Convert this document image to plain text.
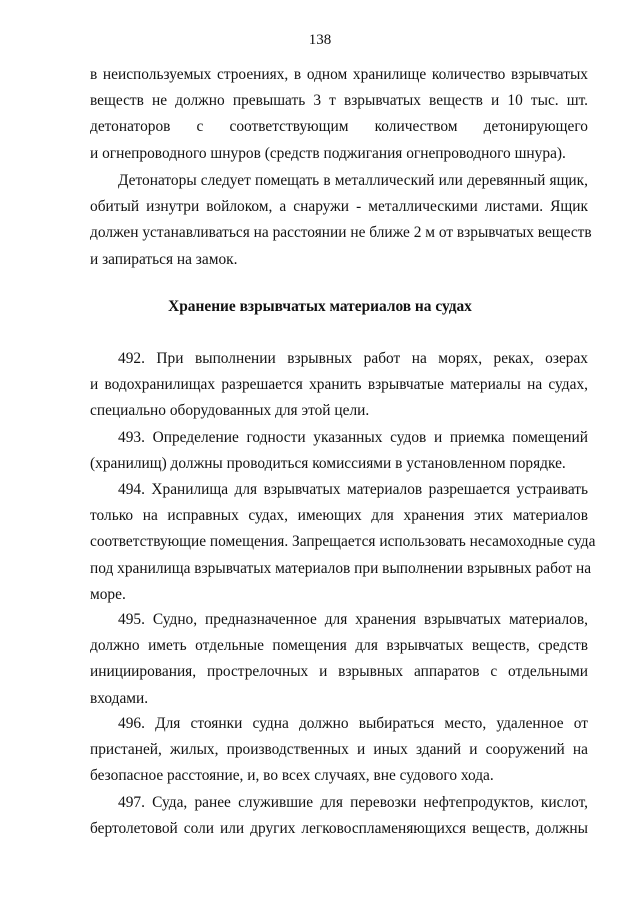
138
в неиспользуемых строениях, в одном хранилище количество взрывчатых
веществ не должно превышать 3 т взрывчатых веществ и 10 тыс. шт.
детонаторов с соответствующим количеством детонирующего
и огнепроводного шнуров (средств поджигания огнепроводного шнура).
Детонаторы следует помещать в металлический или деревянный ящик,
обитый изнутри войлоком, а снаружи - металлическими листами. Ящик
должен устанавливаться на расстоянии не ближе 2 м от взрывчатых веществ
и запираться на замок.
Хранение взрывчатых материалов на судах
492. При выполнении взрывных работ на морях, реках, озерах
и водохранилищах разрешается хранить взрывчатые материалы на судах,
специально оборудованных для этой цели.
493. Определение годности указанных судов и приемка помещений
(хранилищ) должны проводиться комиссиями в установленном порядке.
494. Хранилища для взрывчатых материалов разрешается устраивать
только на исправных судах, имеющих для хранения этих материалов
соответствующие помещения. Запрещается использовать несамоходные суда
под хранилища взрывчатых материалов при выполнении взрывных работ на
море.
495. Судно, предназначенное для хранения взрывчатых материалов,
должно иметь отдельные помещения для взрывчатых веществ, средств
инициирования, прострелочных и взрывных аппаратов с отдельными
входами.
496. Для стоянки судна должно выбираться место, удаленное от
пристаней, жилых, производственных и иных зданий и сооружений на
безопасное расстояние, и, во всех случаях, вне судового хода.
497. Суда, ранее служившие для перевозки нефтепродуктов, кислот,
бертолетовой соли или других легковоспламеняющихся веществ, должны
